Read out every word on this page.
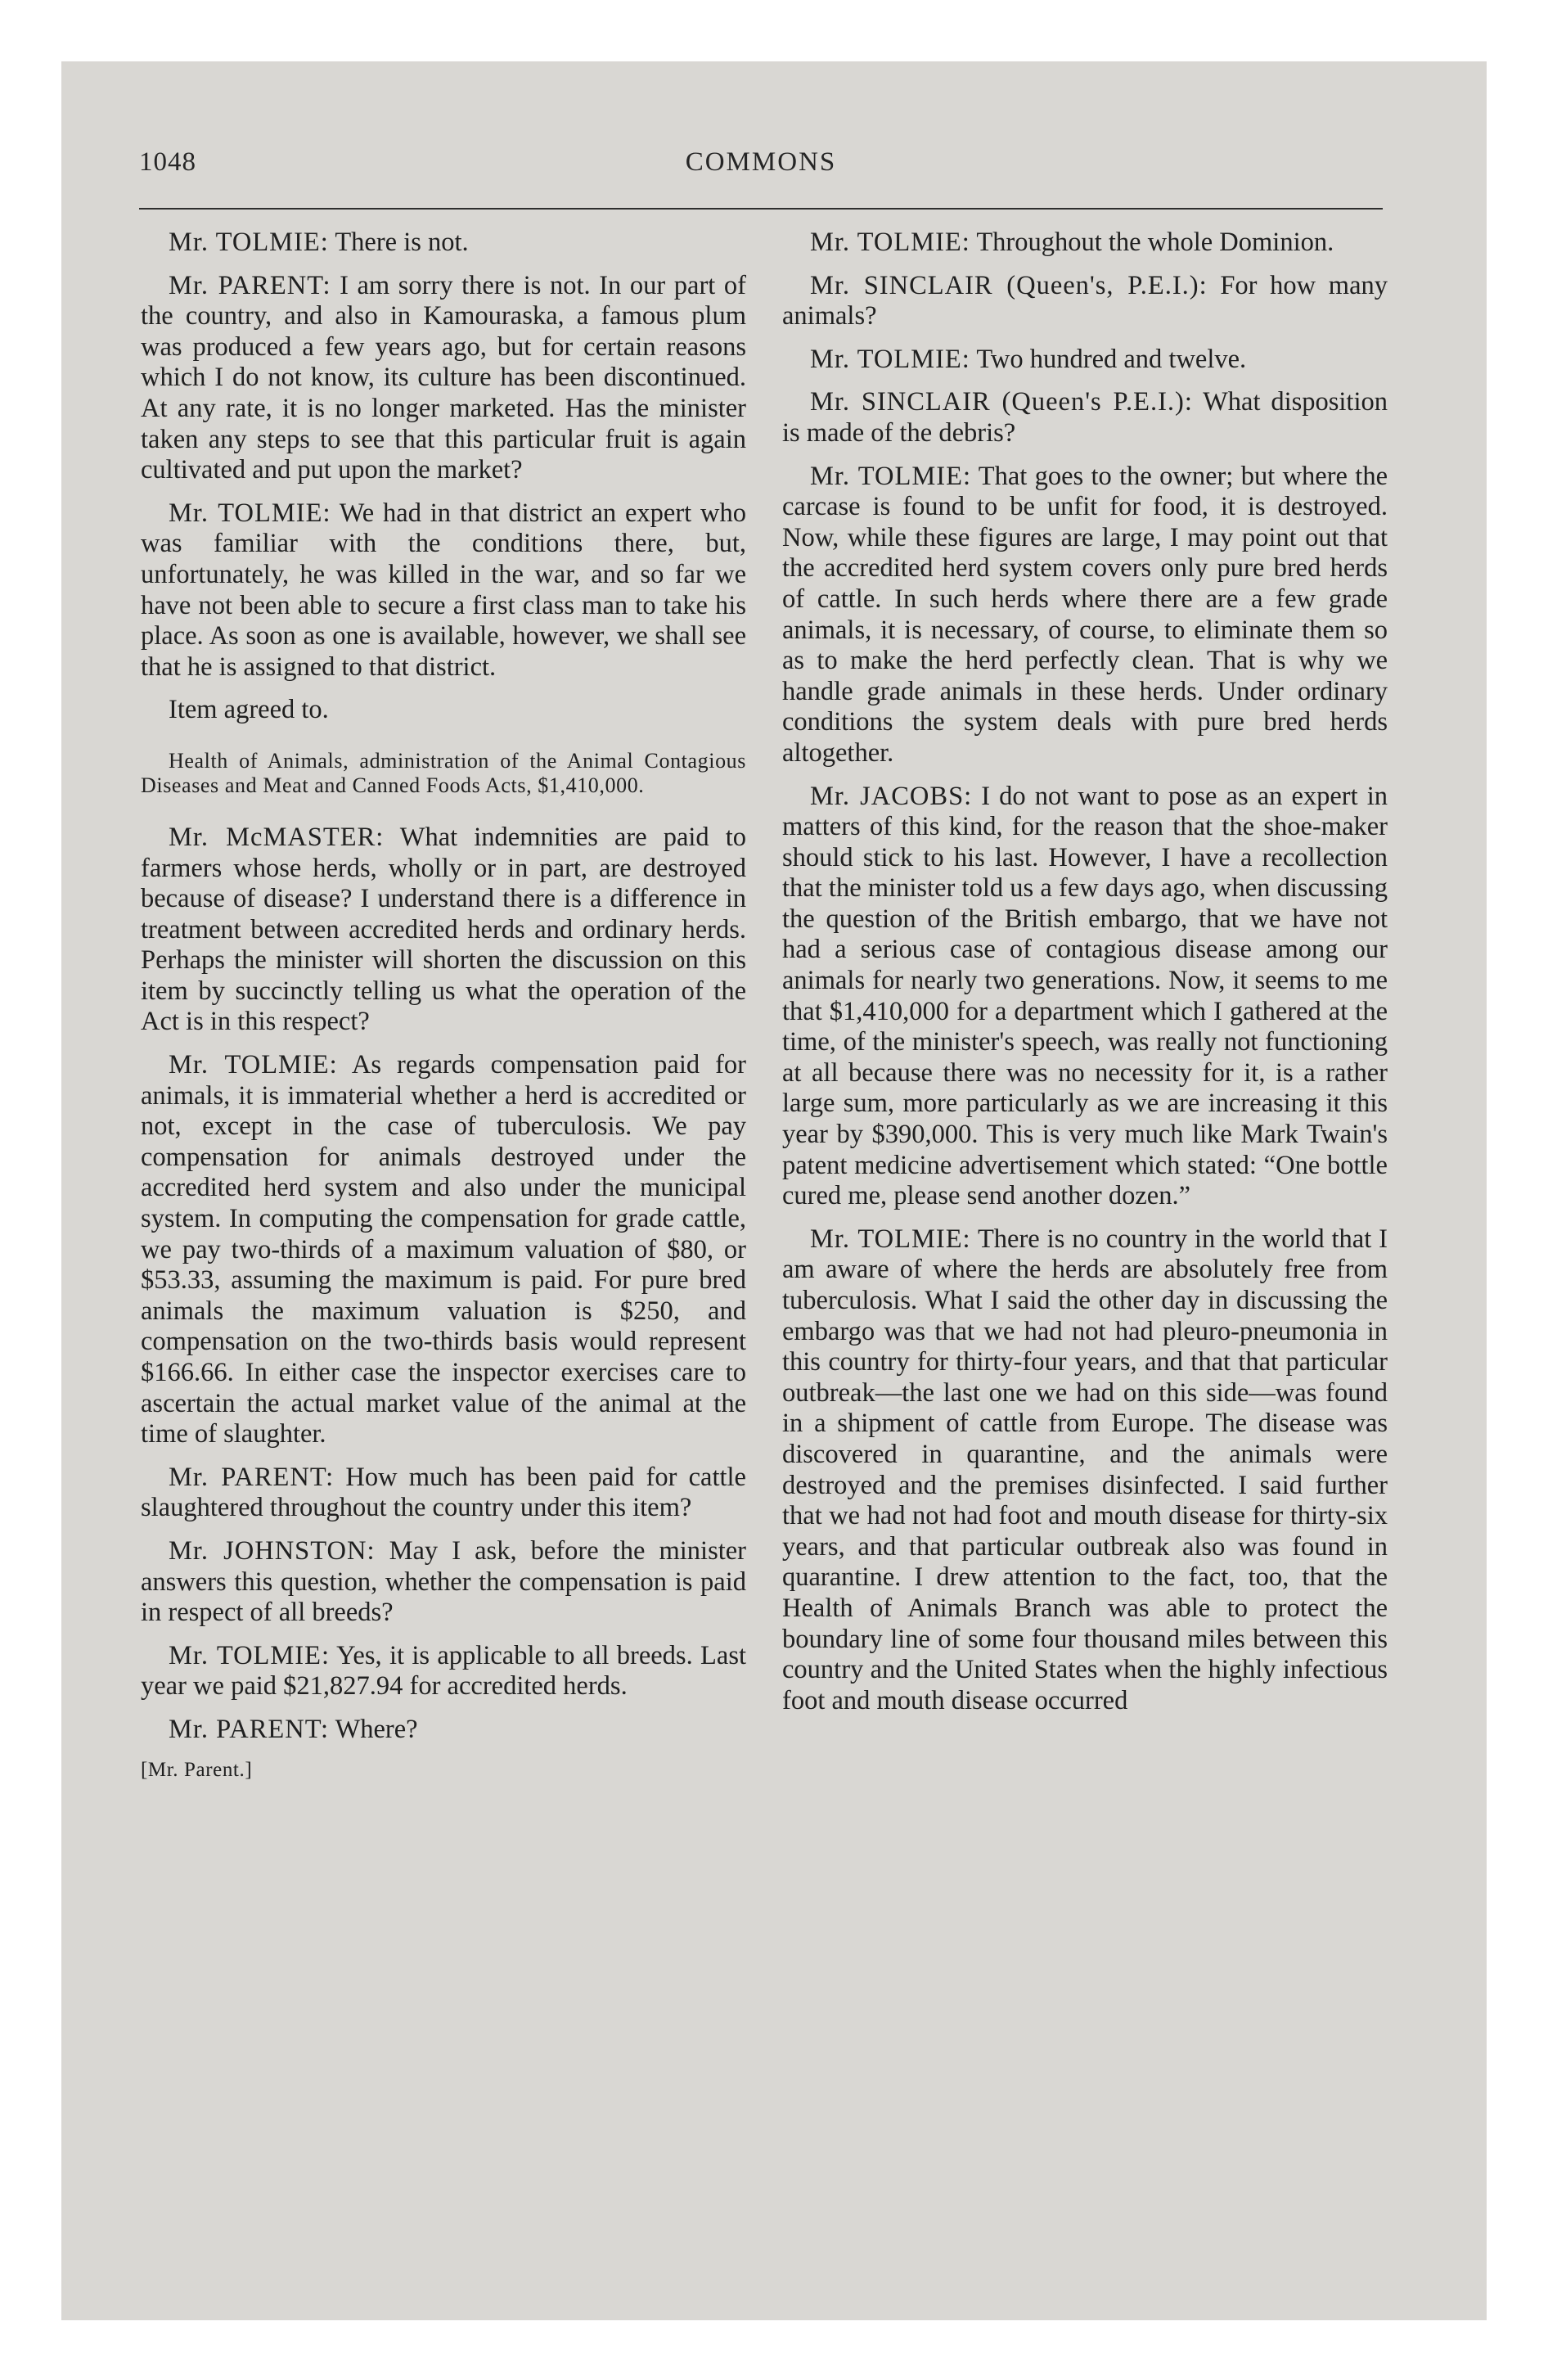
1048	COMMONS

Mr. TOLMIE: There is not.

Mr. PARENT: I am sorry there is not. In our part of the country, and also in Kamouraska, a famous plum was produced a few years ago, but for certain reasons which I do not know, its culture has been discontinued. At any rate, it is no longer marketed. Has the minister taken any steps to see that this particular fruit is again cultivated and put upon the market?

Mr. TOLMIE: We had in that district an expert who was familiar with the conditions there, but, unfortunately, he was killed in the war, and so far we have not been able to secure a first class man to take his place. As soon as one is available, however, we shall see that he is assigned to that district.

Item agreed to.

Health of Animals, administration of the Animal Contagious Diseases and Meat and Canned Foods Acts, $1,410,000.

Mr. McMASTER: What indemnities are paid to farmers whose herds, wholly or in part, are destroyed because of disease? I understand there is a difference in treatment between accredited herds and ordinary herds. Perhaps the minister will shorten the discussion on this item by succinctly telling us what the operation of the Act is in this respect?

Mr. TOLMIE: As regards compensation paid for animals, it is immaterial whether a herd is accredited or not, except in the case of tuberculosis. We pay compensation for animals destroyed under the accredited herd system and also under the municipal system. In computing the compensation for grade cattle, we pay two-thirds of a maximum valuation of $80, or $53.33, assuming the maximum is paid. For pure bred animals the maximum valuation is $250, and compensation on the two-thirds basis would represent $166.66. In either case the inspector exercises care to ascertain the actual market value of the animal at the time of slaughter.

Mr. PARENT: How much has been paid for cattle slaughtered throughout the country under this item?

Mr. JOHNSTON: May I ask, before the minister answers this question, whether the compensation is paid in respect of all breeds?

Mr. TOLMIE: Yes, it is applicable to all breeds. Last year we paid $21,827.94 for accredited herds.

Mr. PARENT: Where?

[Mr. Parent.]

Mr. TOLMIE: Throughout the whole Dominion.

Mr. SINCLAIR (Queen's, P.E.I.): For how many animals?

Mr. TOLMIE: Two hundred and twelve.

Mr. SINCLAIR (Queen's P.E.I.): What disposition is made of the debris?

Mr. TOLMIE: That goes to the owner; but where the carcase is found to be unfit for food, it is destroyed. Now, while these figures are large, I may point out that the accredited herd system covers only pure bred herds of cattle. In such herds where there are a few grade animals, it is necessary, of course, to eliminate them so as to make the herd perfectly clean. That is why we handle grade animals in these herds. Under ordinary conditions the system deals with pure bred herds altogether.

Mr. JACOBS: I do not want to pose as an expert in matters of this kind, for the reason that the shoe-maker should stick to his last. However, I have a recollection that the minister told us a few days ago, when discussing the question of the British embargo, that we have not had a serious case of contagious disease among our animals for nearly two generations. Now, it seems to me that $1,410,000 for a department which I gathered at the time, of the minister's speech, was really not functioning at all because there was no necessity for it, is a rather large sum, more particularly as we are increasing it this year by $390,000. This is very much like Mark Twain's patent medicine advertisement which stated: “One bottle cured me, please send another dozen.”

Mr. TOLMIE: There is no country in the world that I am aware of where the herds are absolutely free from tuberculosis. What I said the other day in discussing the embargo was that we had not had pleuro-pneumonia in this country for thirty-four years, and that that particular outbreak—the last one we had on this side—was found in a shipment of cattle from Europe. The disease was discovered in quarantine, and the animals were destroyed and the premises disinfected. I said further that we had not had foot and mouth disease for thirty-six years, and that particular outbreak also was found in quarantine. I drew attention to the fact, too, that the Health of Animals Branch was able to protect the boundary line of some four thousand miles between this country and the United States when the highly infectious foot and mouth disease occurred
